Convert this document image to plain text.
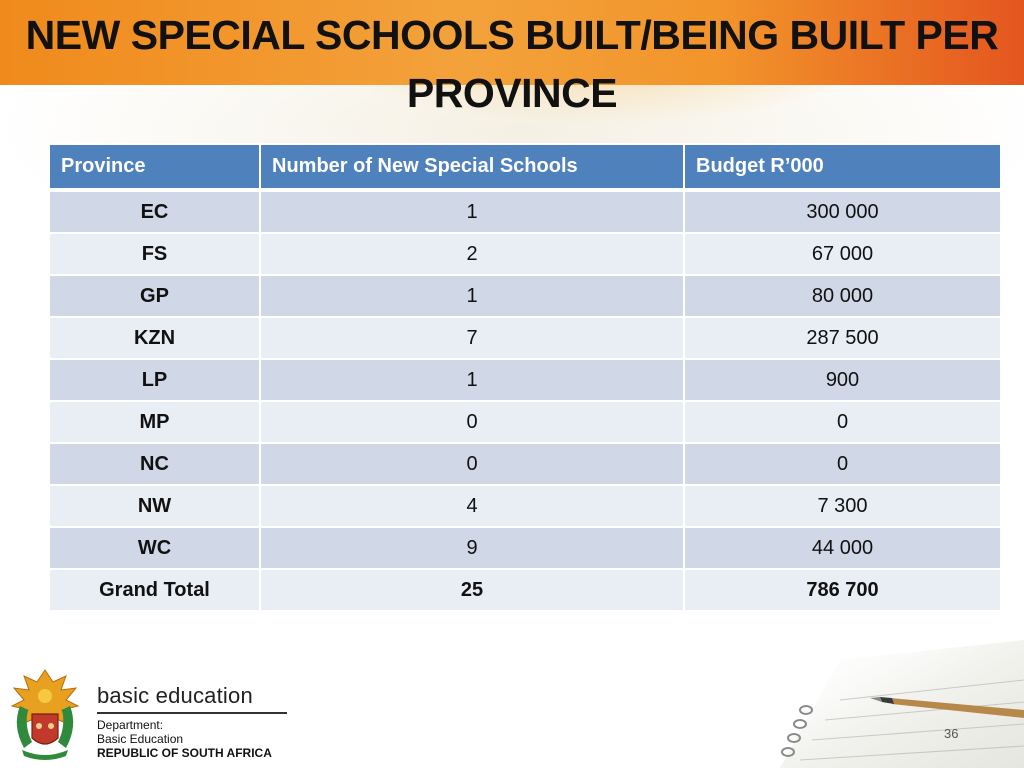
NEW SPECIAL SCHOOLS BUILT/BEING BUILT PER
PROVINCE
Province	Number of New Special Schools	Budget R’000
EC	1	300 000
FS	2	67 000
GP	1	80 000
KZN	7	287 500
LP	1	900
MP	0	0
NC	0	0
NW	4	7 300
WC	9	44 000
Grand Total	25	786 700
basic education
Department:
Basic Education
REPUBLIC OF SOUTH AFRICA
36
